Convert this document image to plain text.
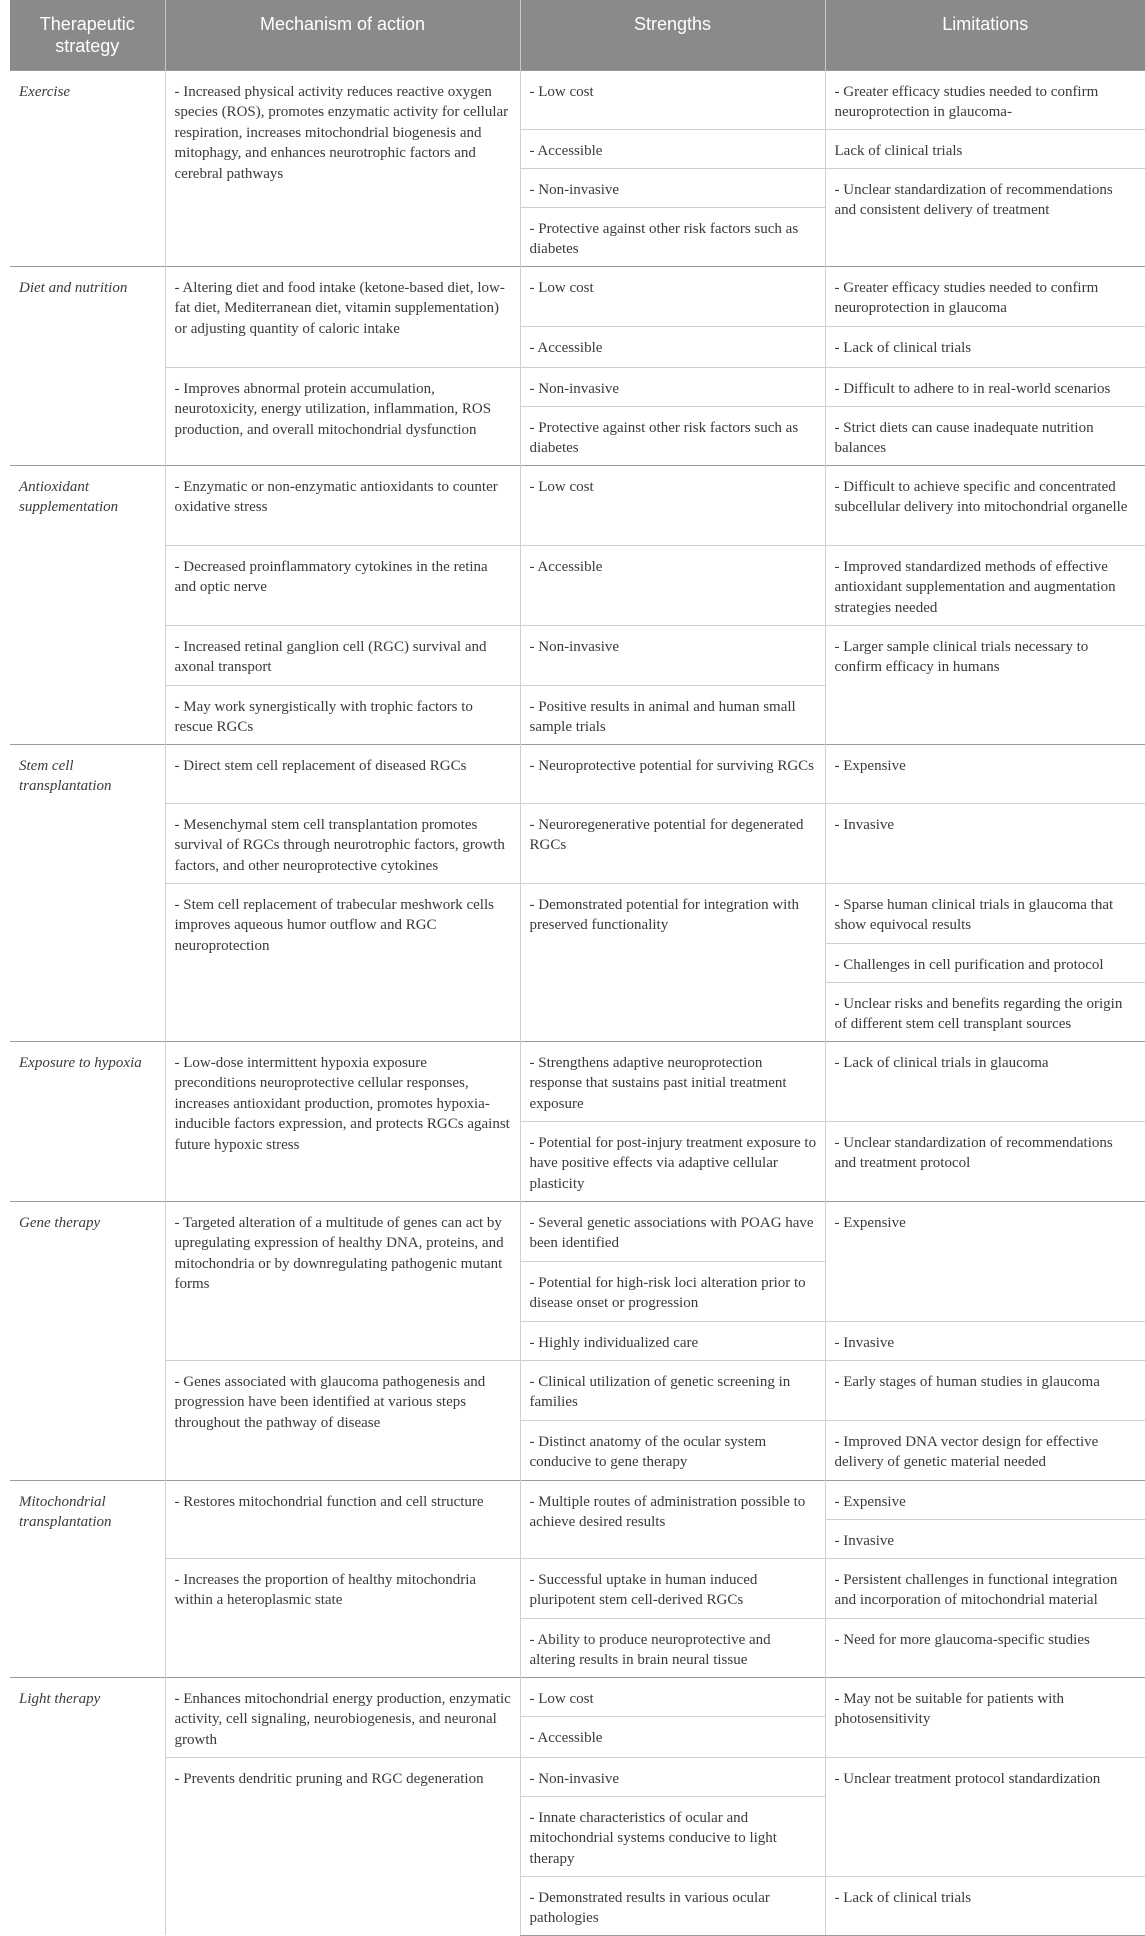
Therapeutic strategy	Mechanism of action	Strengths	Limitations
Exercise	- Increased physical activity reduces reactive oxygen species (ROS), promotes enzymatic activity for cellular respiration, increases mitochondrial biogenesis and mitophagy, and enhances neurotrophic factors and cerebral pathways	- Low cost	- Greater efficacy studies needed to confirm neuroprotection in glaucoma-
		- Accessible	Lack of clinical trials
		- Non-invasive	- Unclear standardization of recommendations and consistent delivery of treatment
		- Protective against other risk factors such as diabetes	
Diet and nutrition	- Altering diet and food intake (ketone-based diet, low-fat diet, Mediterranean diet, vitamin supplementation) or adjusting quantity of caloric intake	- Low cost	- Greater efficacy studies needed to confirm neuroprotection in glaucoma
		- Accessible	- Lack of clinical trials
	- Improves abnormal protein accumulation, neurotoxicity, energy utilization, inflammation, ROS production, and overall mitochondrial dysfunction	- Non-invasive	- Difficult to adhere to in real-world scenarios
		- Protective against other risk factors such as diabetes	- Strict diets can cause inadequate nutrition balances
Antioxidant supplementation	- Enzymatic or non-enzymatic antioxidants to counter oxidative stress	- Low cost	- Difficult to achieve specific and concentrated subcellular delivery into mitochondrial organelle
	- Decreased proinflammatory cytokines in the retina and optic nerve	- Accessible	- Improved standardized methods of effective antioxidant supplementation and augmentation strategies needed
	- Increased retinal ganglion cell (RGC) survival and axonal transport	- Non-invasive	- Larger sample clinical trials necessary to confirm efficacy in humans
	- May work synergistically with trophic factors to rescue RGCs	- Positive results in animal and human small sample trials	
Stem cell transplantation	- Direct stem cell replacement of diseased RGCs	- Neuroprotective potential for surviving RGCs	- Expensive
	- Mesenchymal stem cell transplantation promotes survival of RGCs through neurotrophic factors, growth factors, and other neuroprotective cytokines	- Neuroregenerative potential for degenerated RGCs	- Invasive
	- Stem cell replacement of trabecular meshwork cells improves aqueous humor outflow and RGC neuroprotection	- Demonstrated potential for integration with preserved functionality	- Sparse human clinical trials in glaucoma that show equivocal results
			- Challenges in cell purification and protocol
			- Unclear risks and benefits regarding the origin of different stem cell transplant sources
Exposure to hypoxia	- Low-dose intermittent hypoxia exposure preconditions neuroprotective cellular responses, increases antioxidant production, promotes hypoxia-inducible factors expression, and protects RGCs against future hypoxic stress	- Strengthens adaptive neuroprotection response that sustains past initial treatment exposure	- Lack of clinical trials in glaucoma
		- Potential for post-injury treatment exposure to have positive effects via adaptive cellular plasticity	- Unclear standardization of recommendations and treatment protocol
Gene therapy	- Targeted alteration of a multitude of genes can act by upregulating expression of healthy DNA, proteins, and mitochondria or by downregulating pathogenic mutant forms	- Several genetic associations with POAG have been identified	- Expensive
		- Potential for high-risk loci alteration prior to disease onset or progression	
		- Highly individualized care	- Invasive
	- Genes associated with glaucoma pathogenesis and progression have been identified at various steps throughout the pathway of disease	- Clinical utilization of genetic screening in families	- Early stages of human studies in glaucoma
		- Distinct anatomy of the ocular system conducive to gene therapy	- Improved DNA vector design for effective delivery of genetic material needed
Mitochondrial transplantation	- Restores mitochondrial function and cell structure	- Multiple routes of administration possible to achieve desired results	- Expensive
			- Invasive
	- Increases the proportion of healthy mitochondria within a heteroplasmic state	- Successful uptake in human induced pluripotent stem cell-derived RGCs	- Persistent challenges in functional integration and incorporation of mitochondrial material
		- Ability to produce neuroprotective and altering results in brain neural tissue	- Need for more glaucoma-specific studies
Light therapy	- Enhances mitochondrial energy production, enzymatic activity, cell signaling, neurobiogenesis, and neuronal growth	- Low cost	- May not be suitable for patients with photosensitivity
		- Accessible	
	- Prevents dendritic pruning and RGC degeneration	- Non-invasive	- Unclear treatment protocol standardization
		- Innate characteristics of ocular and mitochondrial systems conducive to light therapy	
		- Demonstrated results in various ocular pathologies	- Lack of clinical trials
